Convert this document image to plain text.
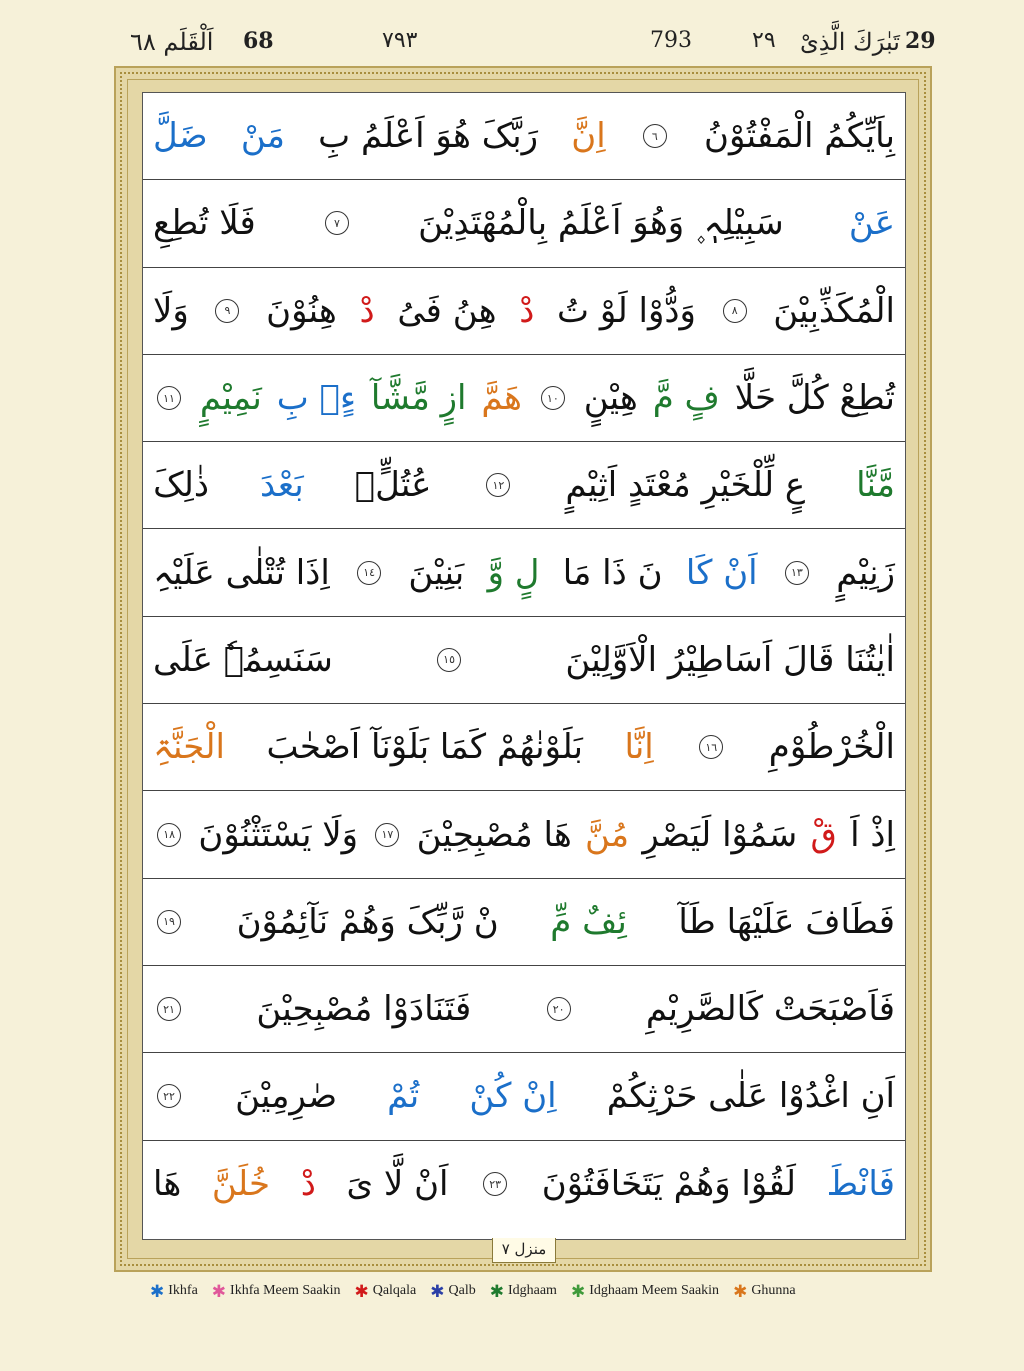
اَلْقَلَم ٦٨ 68	٧٩٣	793	٢٩ تَبٰرَكَ الَّذِیْ 29
بِاَیِّکُمُ الْمَفْتُوْنُ
٦
اِنَّ
رَبَّکَ ھُوَ اَعْلَمُ بِ
مَنْ
ضَلَّ
عَنْ
سَبِیْلِہٖ ۪ وَھُوَ اَعْلَمُ بِالْمُھْتَدِیْنَ
٧
فَلَا تُطِعِ
الْمُکَذِّبِیْنَ
٨
وَدُّوْا لَوْ تُ
دْ
ھِنُ فَیُ
دْ
ھِنُوْنَ
٩
وَلَا
تُطِعْ کُلَّ حَلَّا
فٍ مَّ
ھِیْنٍ
١٠
ھَمَّ
ازٍ مَّشَّآ
ءٍۭ بِ
نَمِیْمٍ
١١
مَّنَّا
عٍ لِّلْخَیْرِ مُعْتَدٍ اَثِیْمٍ
١٢
عُتُلٍّۭ
بَعْدَ
ذٰلِکَ
زَنِیْمٍ
١٣
اَنْ کَا
نَ ذَا مَا
لٍ وَّ
بَنِیْنَ
١٤
اِذَا تُتْلٰی عَلَیْہِ
اٰیٰتُنَا قَالَ اَسَاطِیْرُ الْاَوَّلِیْنَ
١٥
سَنَسِمُہٗ عَلَی
الْخُرْطُوْمِ
١٦
اِنَّا
بَلَوْنٰھُمْ کَمَا بَلَوْنَآ اَصْحٰبَ
الْجَنَّۃِ
اِذْ اَ
قْ
سَمُوْا لَیَصْرِ
مُنَّ
ھَا مُصْبِحِیْنَ
١٧
وَلَا یَسْتَثْنُوْنَ
١٨
فَطَافَ عَلَیْھَا طَآ
ئِفٌ مِّ
نْ رَّبِّکَ وَھُمْ نَآئِمُوْنَ
١٩
فَاَصْبَحَتْ کَالصَّرِیْمِ
٢٠
فَتَنَادَوْا مُصْبِحِیْنَ
٢١
اَنِ اغْدُوْا عَلٰی حَرْثِکُمْ
اِنْ کُنْ
تُمْ
صٰرِمِیْنَ
٢٢
فَانْطَ
لَقُوْا وَھُمْ یَتَخَافَتُوْنَ
٢٣
اَنْ لَّا یَ
دْ
خُلَنَّ
ھَا
منزل ٧
✱ Ikhfa ✱ Ikhfa Meem Saakin ✱ Qalqala ✱ Qalb ✱ Idghaam ✱ Idghaam Meem Saakin ✱ Ghunna
